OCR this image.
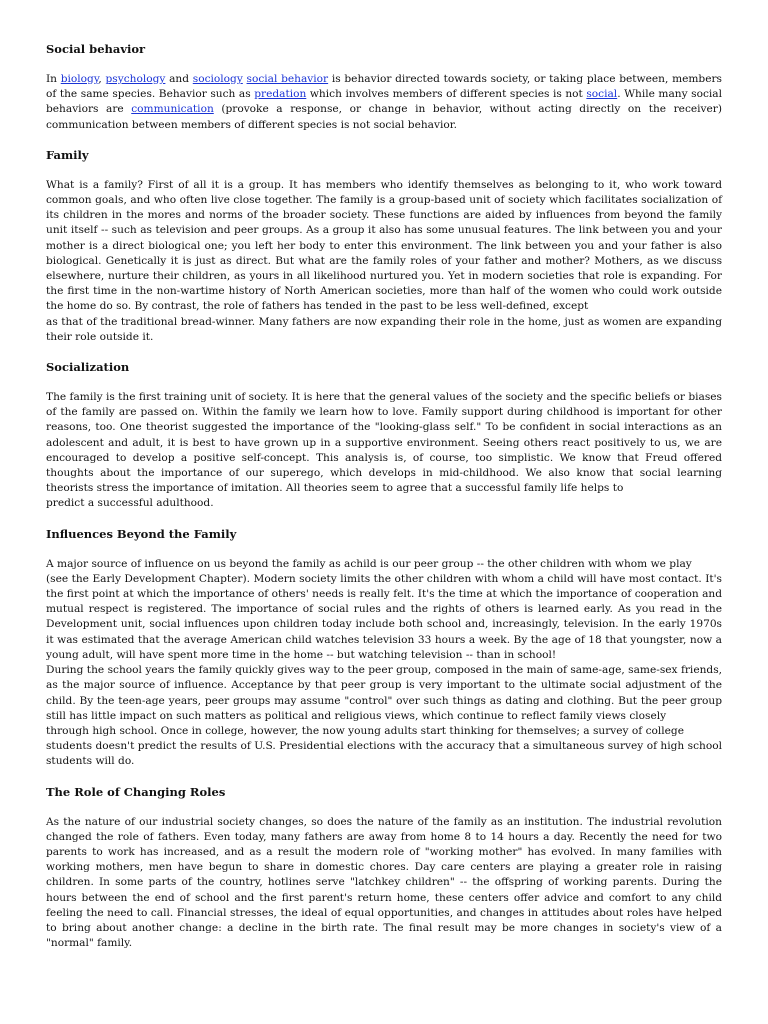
Social behavior

In biology, psychology and sociology social behavior is behavior directed towards society, or taking place between, members of the same species. Behavior such as predation which involves members of different species is not social. While many social behaviors are communication (provoke a response, or change in behavior, without acting directly on the receiver) communication between members of different species is not social behavior.

Family

What is a family? First of all it is a group. It has members who identify themselves as belonging to it, who work toward common goals, and who often live close together. The family is a group-based unit of society which facilitates socialization of its children in the mores and norms of the broader society. These functions are aided by influences from beyond the family unit itself -- such as television and peer groups. As a group it also has some unusual features. The link between you and your mother is a direct biological one; you left her body to enter this environment. The link between you and your father is also biological. Genetically it is just as direct. But what are the family roles of your father and mother? Mothers, as we discuss elsewhere, nurture their children, as yours in all likelihood nurtured you. Yet in modern societies that role is expanding. For the first time in the non-wartime history of North American societies, more than half of the women who could work outside the home do so. By contrast, the role of fathers has tended in the past to be less well-defined, except

as that of the traditional bread-winner. Many fathers are now expanding their role in the home, just as women are expanding their role outside it.

Socialization

The family is the first training unit of society. It is here that the general values of the society and the specific beliefs or biases of the family are passed on. Within the family we learn how to love. Family support during childhood is important for other reasons, too. One theorist suggested the importance of the "looking-glass self." To be confident in social interactions as an adolescent and adult, it is best to have grown up in a supportive environment. Seeing others react positively to us, we are encouraged to develop a positive self-concept. This analysis is, of course, too simplistic. We know that Freud offered thoughts about the importance of our superego, which develops in mid-childhood. We also know that social learning theorists stress the importance of imitation. All theories seem to agree that a successful family life helps to

predict a successful adulthood.

Influences Beyond the Family

A major source of influence on us beyond the family as achild is our peer group -- the other children with whom we play

(see the Early Development Chapter). Modern society limits the other children with whom a child will have most contact. It's the first point at which the importance of others' needs is really felt. It's the time at which the importance of cooperation and mutual respect is registered. The importance of social rules and the rights of others is learned early. As you read in the Development unit, social influences upon children today include both school and, increasingly, television. In the early 1970s it was estimated that the average American child watches television 33 hours a week. By the age of 18 that youngster, now a young adult, will have spent more time in the home -- but watching television -- than in school!

During the school years the family quickly gives way to the peer group, composed in the main of same-age, same-sex friends, as the major source of influence. Acceptance by that peer group is very important to the ultimate social adjustment of the child. By the teen-age years, peer groups may assume "control" over such things as dating and clothing. But the peer group still has little impact on such matters as political and religious views, which continue to reflect family views closely

through high school. Once in college, however, the now young adults start thinking for themselves; a survey of college

students doesn't predict the results of U.S. Presidential elections with the accuracy that a simultaneous survey of high school students will do.

The Role of Changing Roles

As the nature of our industrial society changes, so does the nature of the family as an institution. The industrial revolution changed the role of fathers. Even today, many fathers are away from home 8 to 14 hours a day. Recently the need for two parents to work has increased, and as a result the modern role of "working mother" has evolved. In many families with working mothers, men have begun to share in domestic chores. Day care centers are playing a greater role in raising children. In some parts of the country, hotlines serve "latchkey children" -- the offspring of working parents. During the hours between the end of school and the first parent's return home, these centers offer advice and comfort to any child feeling the need to call. Financial stresses, the ideal of equal opportunities, and changes in attitudes about roles have helped to bring about another change: a decline in the birth rate. The final result may be more changes in society's view of a "normal" family.
